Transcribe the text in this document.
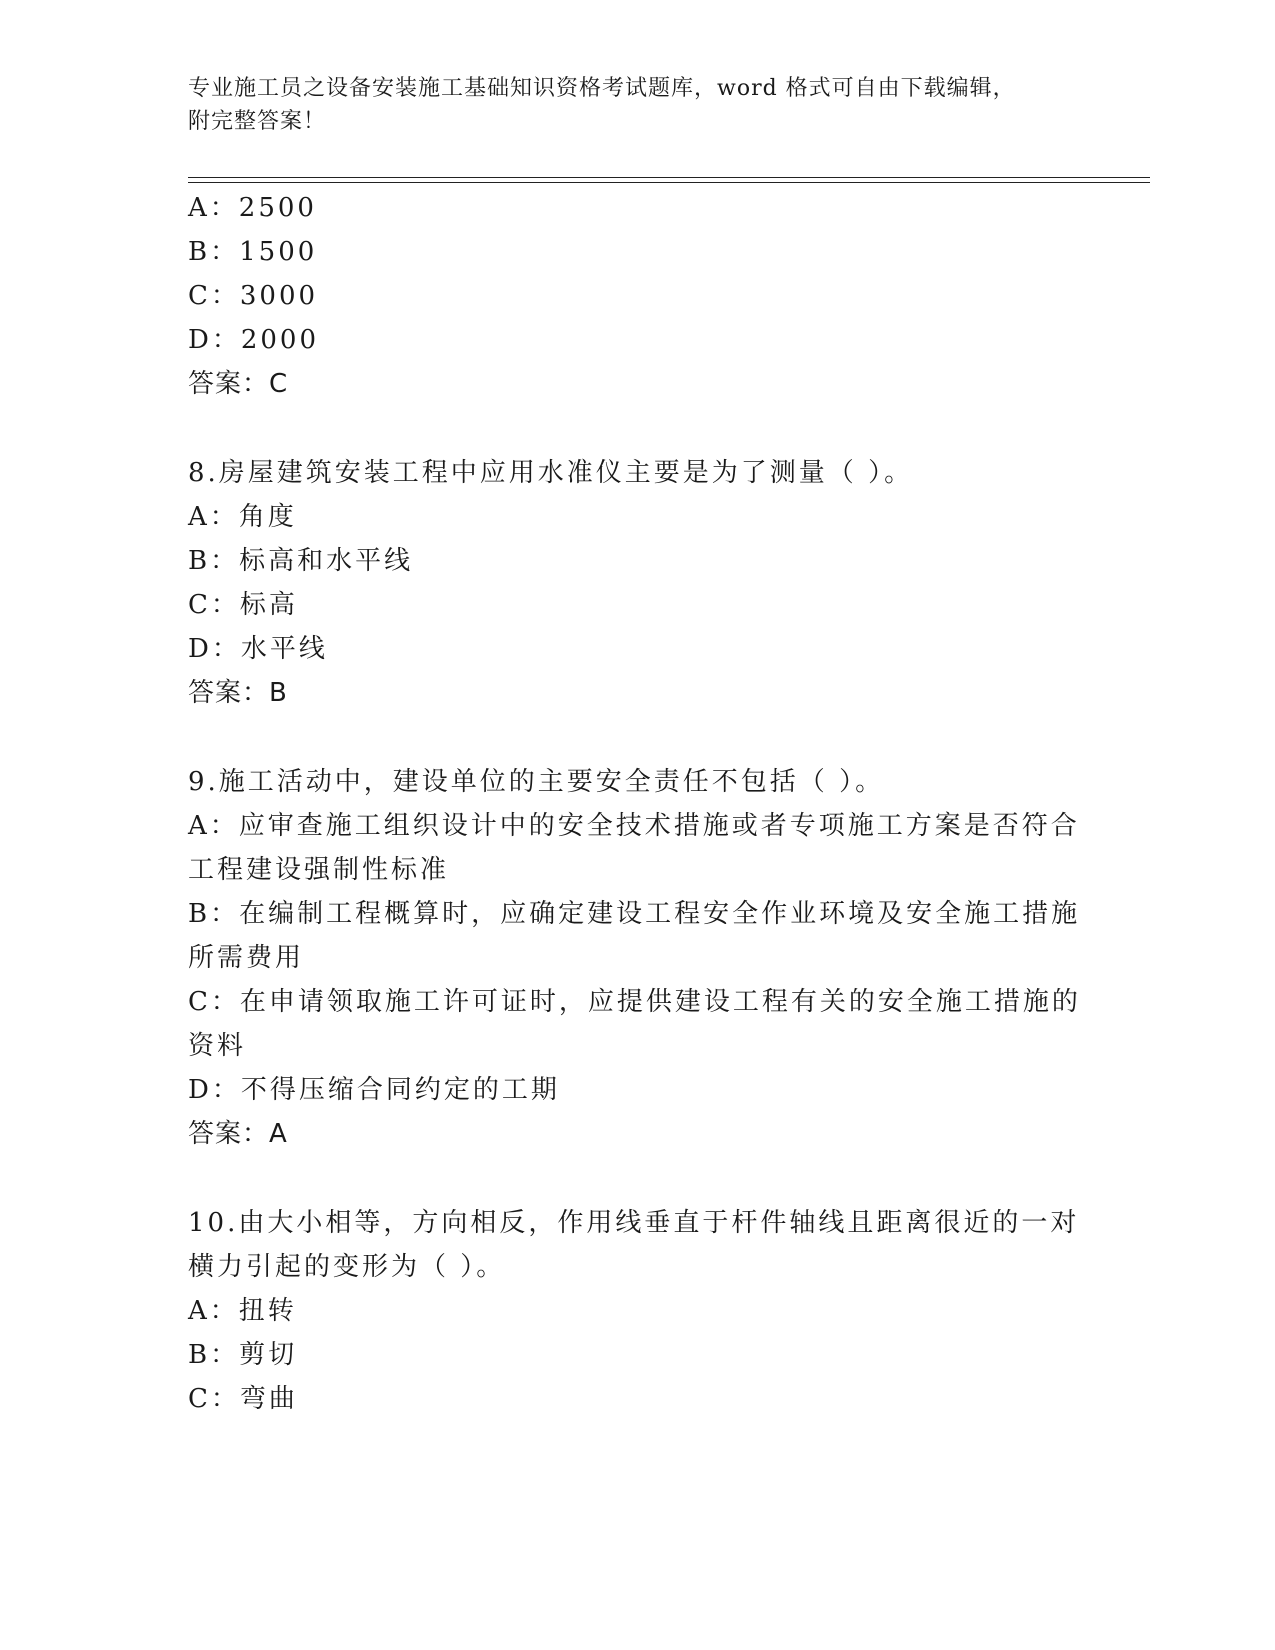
专业施工员之设备安装施工基础知识资格考试题库，word 格式可自由下载编辑，
附完整答案！
A：2500
B：1500
C：3000
D：2000
答案：C
8.房屋建筑安装工程中应用水准仪主要是为了测量（ ）。
A：角度
B：标高和水平线
C：标高
D：水平线
答案：B
9.施工活动中，建设单位的主要安全责任不包括（ ）。
A：应审查施工组织设计中的安全技术措施或者专项施工方案是否符合
工程建设强制性标准
B：在编制工程概算时，应确定建设工程安全作业环境及安全施工措施
所需费用
C：在申请领取施工许可证时，应提供建设工程有关的安全施工措施的
资料
D：不得压缩合同约定的工期
答案：A
10.由大小相等，方向相反，作用线垂直于杆件轴线且距离很近的一对
横力引起的变形为（ ）。
A：扭转
B：剪切
C：弯曲
